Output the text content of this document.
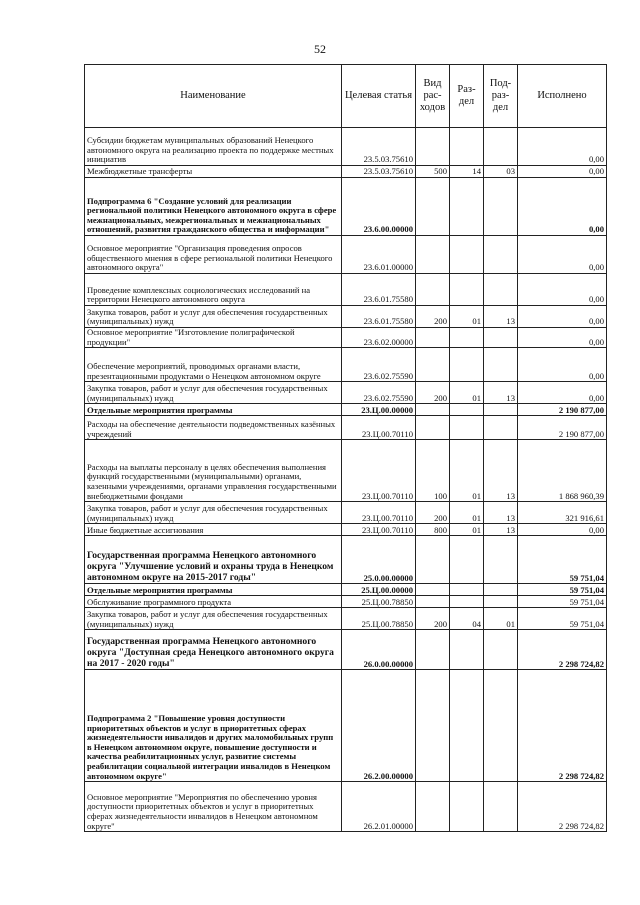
52
Наименование	Целевая статья	Вид рас-ходов	Раз-дел	Под-раз-дел	Исполнено
Субсидии бюджетам муниципальных образований Ненецкого автономного округа на реализацию проекта по поддержке местных инициатив	23.5.03.75610				0,00
Межбюджетные трансферты	23.5.03.75610	500	14	03	0,00
Подпрограмма 6 "Создание условий для реализации региональной политики Ненецкого автономного округа в сфере межнациональных, межрегиональных и межнациональных отношений, развития гражданского общества и информации"	23.6.00.00000				0,00
Основное мероприятие "Организация проведения опросов общественного мнения в сфере региональной политики Ненецкого автономного округа"	23.6.01.00000				0,00
Проведение комплексных социологических исследований на территории Ненецкого автономного округа	23.6.01.75580				0,00
Закупка товаров, работ и услуг для обеспечения государственных (муниципальных) нужд	23.6.01.75580	200	01	13	0,00
Основное мероприятие "Изготовление полиграфической продукции"	23.6.02.00000				0,00
Обеспечение мероприятий, проводимых органами власти, презентационными продуктами о Ненецком автономном округе	23.6.02.75590				0,00
Закупка товаров, работ и услуг для обеспечения государственных (муниципальных) нужд	23.6.02.75590	200	01	13	0,00
Отдельные мероприятия программы	23.Ц.00.00000				2 190 877,00
Расходы на обеспечение деятельности подведомственных казённых учреждений	23.Ц.00.70110				2 190 877,00
Расходы на выплаты персоналу в целях обеспечения выполнения функций государственными (муниципальными) органами, казенными учреждениями, органами управления государственными внебюджетными фондами	23.Ц.00.70110	100	01	13	1 868 960,39
Закупка товаров, работ и услуг для обеспечения государственных (муниципальных) нужд	23.Ц.00.70110	200	01	13	321 916,61
Иные бюджетные ассигнования	23.Ц.00.70110	800	01	13	0,00
Государственная программа Ненецкого автономного округа "Улучшение условий и охраны труда в Ненецком автономном округе на 2015-2017 годы"	25.0.00.00000				59 751,04
Отдельные мероприятия программы	25.Ц.00.00000				59 751,04
Обслуживание программного продукта	25.Ц.00.78850				59 751,04
Закупка товаров, работ и услуг для обеспечения государственных (муниципальных) нужд	25.Ц.00.78850	200	04	01	59 751,04
Государственная программа Ненецкого автономного округа "Доступная среда Ненецкого автономного округа на 2017 - 2020 годы"	26.0.00.00000				2 298 724,82
Подпрограмма 2 "Повышение уровня доступности приоритетных объектов и услуг в приоритетных сферах жизнедеятельности инвалидов и других маломобильных групп в Ненецком автономном округе, повышение доступности и качества реабилитационных услуг, развитие системы реабилитации социальной интеграции инвалидов в Ненецком автономном округе"	26.2.00.00000				2 298 724,82
Основное мероприятие "Мероприятия по обеспечению уровня доступности приоритетных объектов и услуг в приоритетных сферах жизнедеятельности инвалидов в Ненецком автономном округе"	26.2.01.00000				2 298 724,82
